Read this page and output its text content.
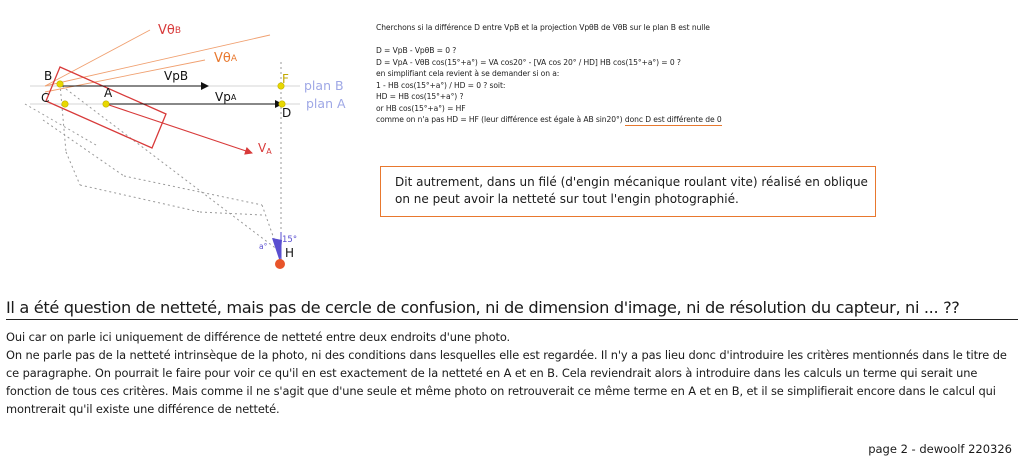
VθB
VθA
VpB
VpA
VA
B
C	A
F
D
plan B
plan A
15°
a° H
Cherchons si la différence D entre VpB et la projection VpθB de VθB sur le plan B est nulle
D = VpB - VpθB = 0 ?
D = VpA - VθB cos(15°+a°) = VA cos20° - [VA cos 20° / HD] HB cos(15°+a°) = 0 ?
en simplifiant cela revient à se demander si on a:
1 - HB cos(15°+a°) / HD = 0 ? soit:
HD = HB cos(15°+a°) ?
or HB cos(15°+a°) = HF
comme on n'a pas HD = HF (leur différence est égale à AB sin20°) donc D est différente de 0
Dit autrement, dans un filé (d'engin mécanique roulant vite) réalisé en oblique
on ne peut avoir la netteté sur tout l'engin photographié.
Il a été question de netteté, mais pas de cercle de confusion, ni de dimension d'image, ni de résolution du capteur, ni ... ??
Oui car on parle ici uniquement de différence de netteté entre deux endroits d'une photo.
On ne parle pas de la netteté intrinsèque de la photo, ni des conditions dans lesquelles elle est regardée. Il n'y a pas lieu donc d'introduire les critères mentionnés dans le titre de ce paragraphe. On pourrait le faire pour voir ce qu'il en est exactement de la netteté en A et en B. Cela reviendrait alors à introduire dans les calculs un terme qui serait une fonction de tous ces critères. Mais comme il ne s'agit que d'une seule et même photo on retrouverait ce même terme en A et en B, et il se simplifierait encore dans le calcul qui montrerait qu'il existe une différence de netteté.
page 2 - dewoolf 220326
